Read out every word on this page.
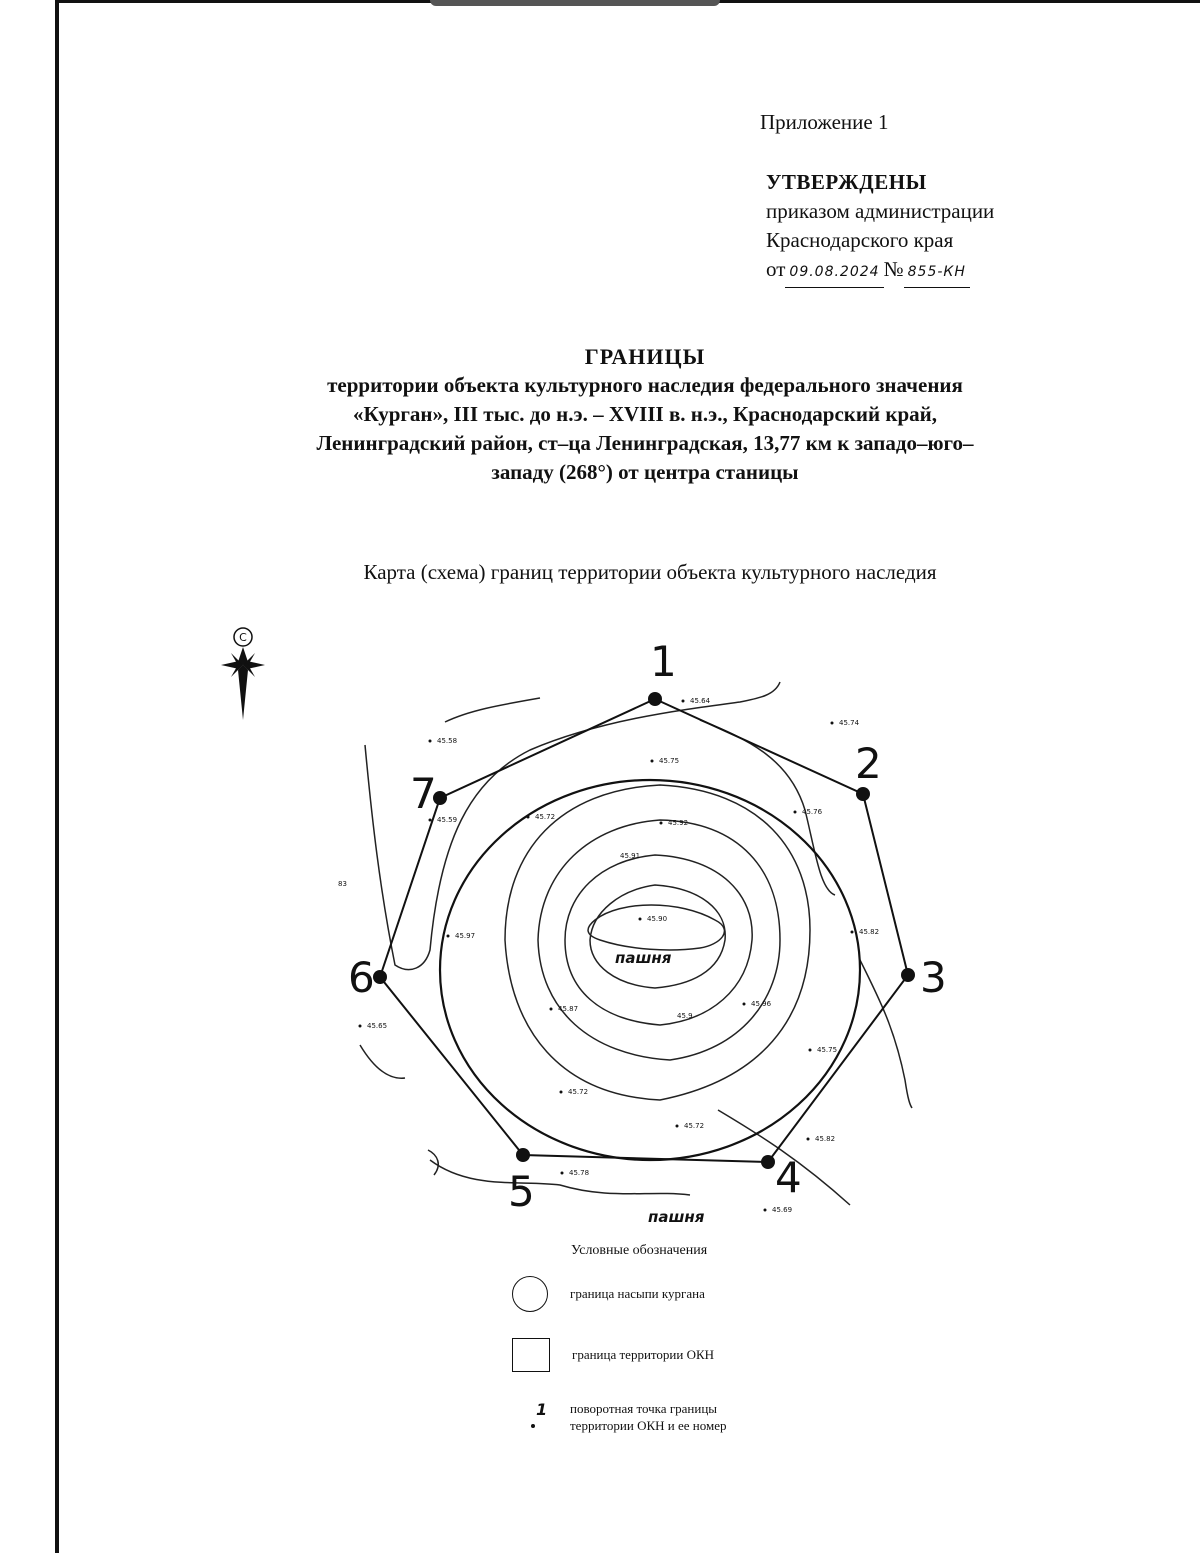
Приложение 1
УТВЕРЖДЕНЫ
приказом администрации
Краснодарского края
от 09.08.2024 № 855-КН
ГРАНИЦЫ
территории объекта культурного наследия федерального значения
«Курган», III тыс. до н.э. – XVIII в. н.э., Краснодарский край,
Ленинградский район, ст–ца Ленинградская, 13,77 км к западо–юго–
западу (268°) от центра станицы
Карта (схема) границ территории объекта культурного наследия
C	1
2
3
4
5
6
7
пашня
пашня
45.64
45.74
45.58
45.75
45.59	45.72
45.76
45.92
45.97	45.82
45.90
45.87
45.96
45.75
45.72
45.72
45.82
45.65
45.78
45.69
45.9
45.91
83
Условные обозначения
граница насыпи кургана
граница территории ОКН
1 поворотная точка границы
территории ОКН и ее номер
